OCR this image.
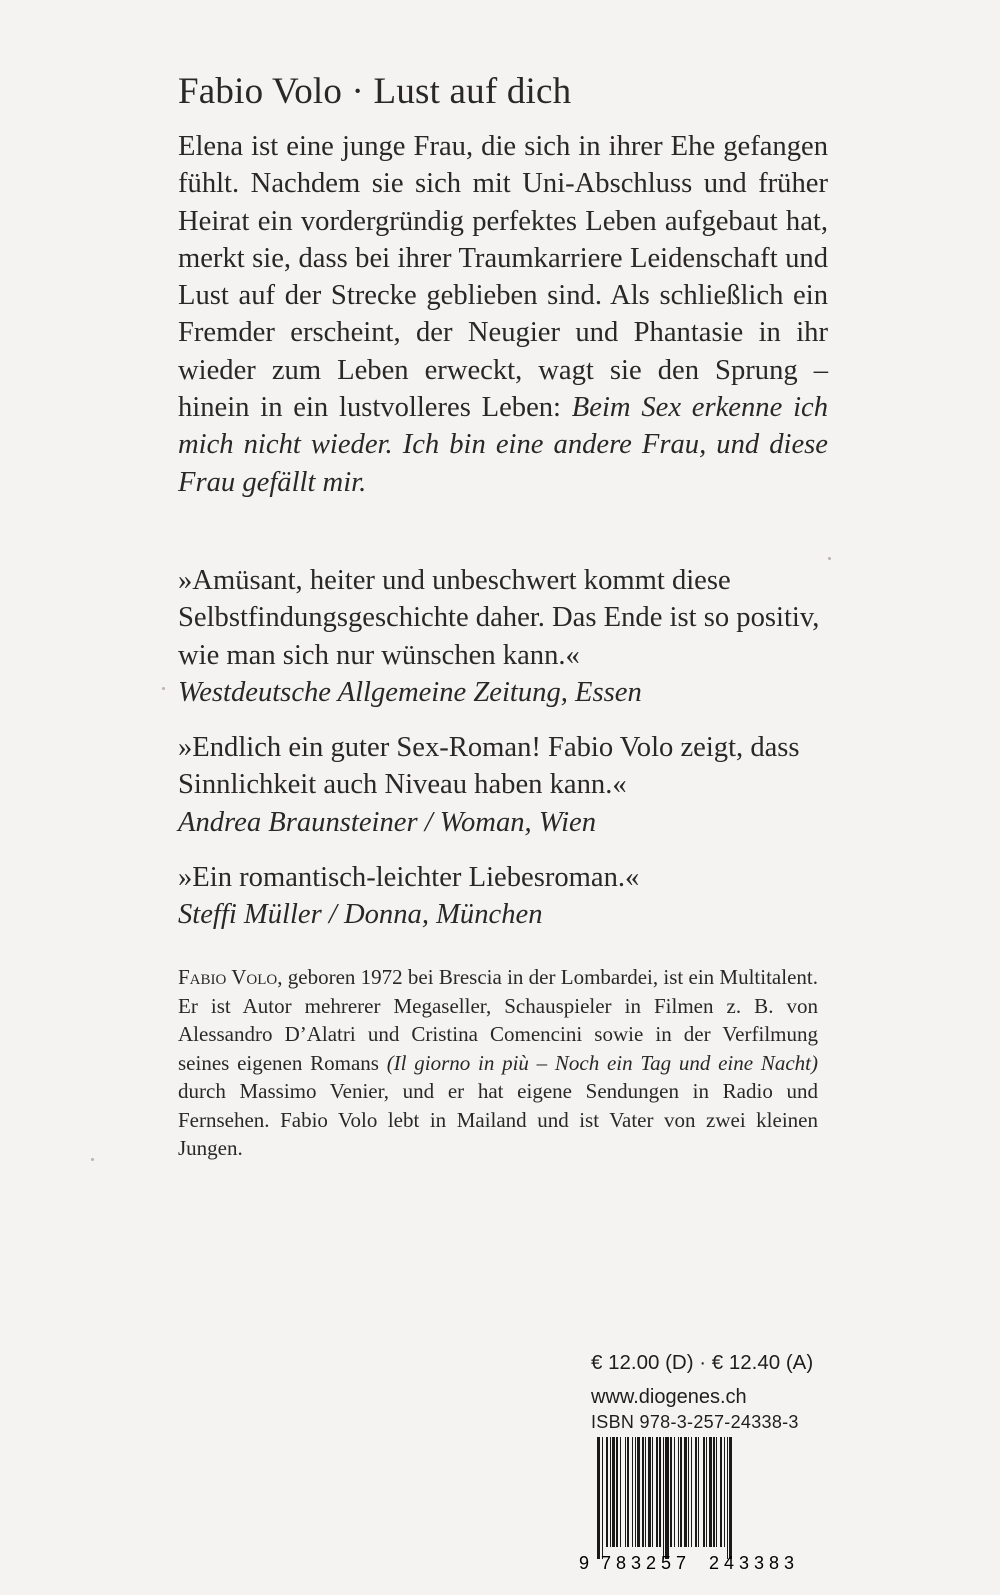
Fabio Volo · Lust auf dich

Elena ist eine junge Frau, die sich in ihrer Ehe gefangen fühlt. Nachdem sie sich mit Uni-Abschluss und früher Heirat ein vordergründig perfektes Leben aufgebaut hat, merkt sie, dass bei ihrer Traumkarriere Leidenschaft und Lust auf der Strecke geblieben sind. Als schließlich ein Fremder erscheint, der Neugier und Phantasie in ihr wieder zum Leben erweckt, wagt sie den Sprung – hinein in ein lustvolleres Leben: Beim Sex erkenne ich mich nicht wieder. Ich bin eine andere Frau, und diese Frau gefällt mir.

»Amüsant, heiter und unbeschwert kommt diese Selbstfindungsgeschichte daher. Das Ende ist so positiv, wie man sich nur wünschen kann.«
Westdeutsche Allgemeine Zeitung, Essen
»Endlich ein guter Sex-Roman! Fabio Volo zeigt, dass Sinnlichkeit auch Niveau haben kann.«
Andrea Braunsteiner / Woman, Wien
»Ein romantisch-leichter Liebesroman.«
Steffi Müller / Donna, München
Fabio Volo, geboren 1972 bei Brescia in der Lombardei, ist ein Multitalent. Er ist Autor mehrerer Megaseller, Schauspieler in Filmen z. B. von Alessandro D’Alatri und Cristina Comencini sowie in der Verfilmung seines eigenen Romans (Il giorno in più – Noch ein Tag und eine Nacht) durch Massimo Venier, und er hat eigene Sendungen in Radio und Fernsehen. Fabio Volo lebt in Mailand und ist Vater von zwei kleinen Jungen.
€ 12.00 (D) · € 12.40 (A)
www.diogenes.ch
ISBN 978-3-257-24338-3
9 783257 243383
